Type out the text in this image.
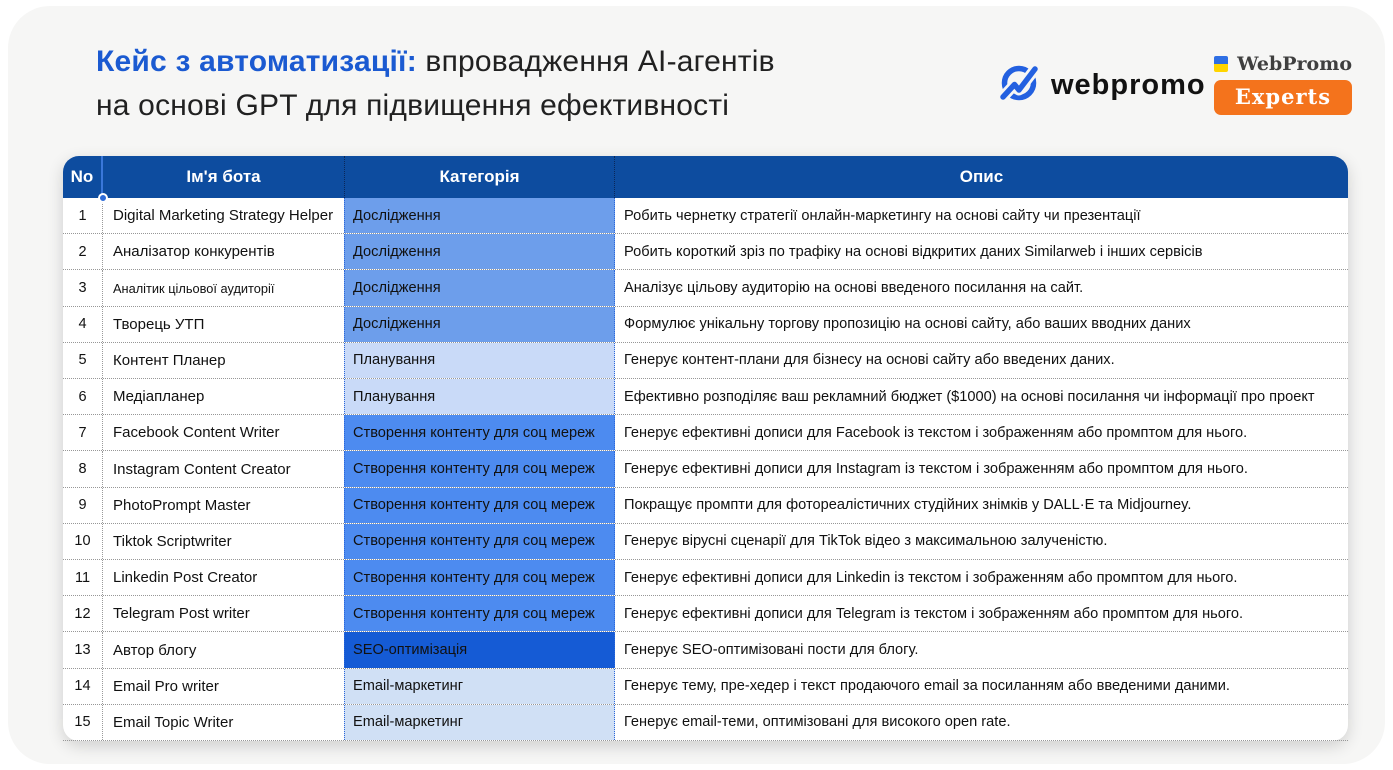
Кейс з автоматизації: впровадження AI-агентів
на основі GPT для підвищення ефективності
webpromo
WebPromo
Experts
No	Ім'я бота	Категорія	Опис
1	Digital Marketing Strategy Helper	Дослідження	Робить чернетку стратегії онлайн-маркетингу на основі сайту чи презентації
2	Аналізатор конкурентів	Дослідження	Робить короткий зріз по трафіку на основі відкритих даних Similarweb і інших сервісів
3	Аналітик цільової аудиторії	Дослідження	Аналізує цільову аудиторію на основі введеного посилання на сайт.
4	Творець УТП	Дослідження	Формулює унікальну торгову пропозицію на основі сайту, або ваших вводних даних
5	Контент Планер	Планування	Генерує контент-плани для бізнесу на основі сайту або введених даних.
6	Медіапланер	Планування	Ефективно розподіляє ваш рекламний бюджет ($1000) на основі посилання чи інформації про проект
7	Facebook Content Writer	Створення контенту для соц мереж	Генерує ефективні дописи для Facebook із текстом і зображенням або промптом для нього.
8	Instagram Content Creator	Створення контенту для соц мереж	Генерує ефективні дописи для Instagram із текстом і зображенням або промптом для нього.
9	PhotoPrompt Master	Створення контенту для соц мереж	Покращує промпти для фотореалістичних студійних знімків у DALL·E та Midjourney.
10	Tiktok Scriptwriter	Створення контенту для соц мереж	Генерує вірусні сценарії для TikTok відео з максимальною залученістю.
11	Linkedin Post Creator	Створення контенту для соц мереж	Генерує ефективні дописи для Linkedin із текстом і зображенням або промптом для нього.
12	Telegram Post writer	Створення контенту для соц мереж	Генерує ефективні дописи для Telegram із текстом і зображенням або промптом для нього.
13	Автор блогу	SEO-оптимізація	Генерує SEO-оптимізовані пости для блогу.
14	Email Pro writer	Email-маркетинг	Генерує тему, пре-хедер і текст продаючого email за посиланням або введеними даними.
15	Email Topic Writer	Email-маркетинг	Генерує email-теми, оптимізовані для високого open rate.
